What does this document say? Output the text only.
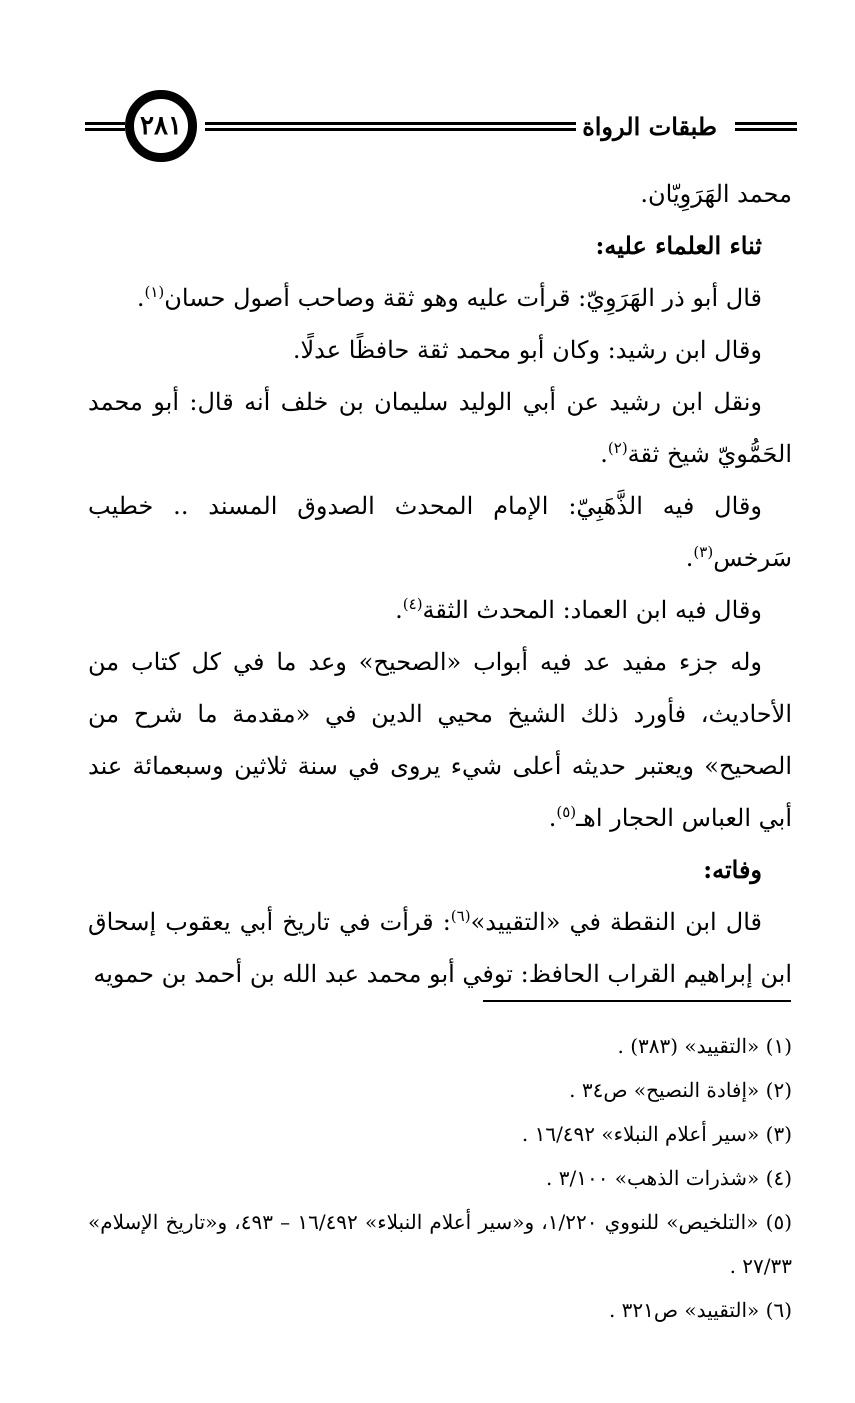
٢٨١	طبقات الرواة

محمد الهَرَوِيّان.

ثناء العلماء عليه:

قال أبو ذر الهَرَوِيّ: قرأت عليه وهو ثقة وصاحب أصول حسان$^{(١)}$.

وقال ابن رشيد: وكان أبو محمد ثقة حافظًا عدلًا.

ونقل ابن رشيد عن أبي الوليد سليمان بن خلف أنه قال: أبو محمد الحَمُّويّ شيخ ثقة$^{(٢)}$.

وقال فيه الذَّهَبِيّ: الإمام المحدث الصدوق المسند .. خطيب سَرخس$^{(٣)}$.

وقال فيه ابن العماد: المحدث الثقة$^{(٤)}$.

وله جزء مفيد عد فيه أبواب «الصحيح» وعد ما في كل كتاب من الأحاديث، فأورد ذلك الشيخ محيي الدين في «مقدمة ما شرح من الصحيح» ويعتبر حديثه أعلى شيء يروى في سنة ثلاثين وسبعمائة عند أبي العباس الحجار اهـ$^{(٥)}$.

وفاته:

قال ابن النقطة في «التقييد»$^{(٦)}$: قرأت في تاريخ أبي يعقوب إسحاق ابن إبراهيم القراب الحافظ: توفي أبو محمد عبد الله بن أحمد بن حمويه

(١) «التقييد» (٣٨٣) .

(٢) «إفادة النصيح» ص٣٤ .

(٣) «سير أعلام النبلاء» ١٦/٤٩٢ .

(٤) «شذرات الذهب» ٣/١٠٠ .

(٥) «التلخيص» للنووي ١/٢٢٠، و«سير أعلام النبلاء» ١٦/٤٩٢ – ٤٩٣، و«تاريخ الإسلام» ٢٧/٣٣ .

(٦) «التقييد» ص٣٢١ .
